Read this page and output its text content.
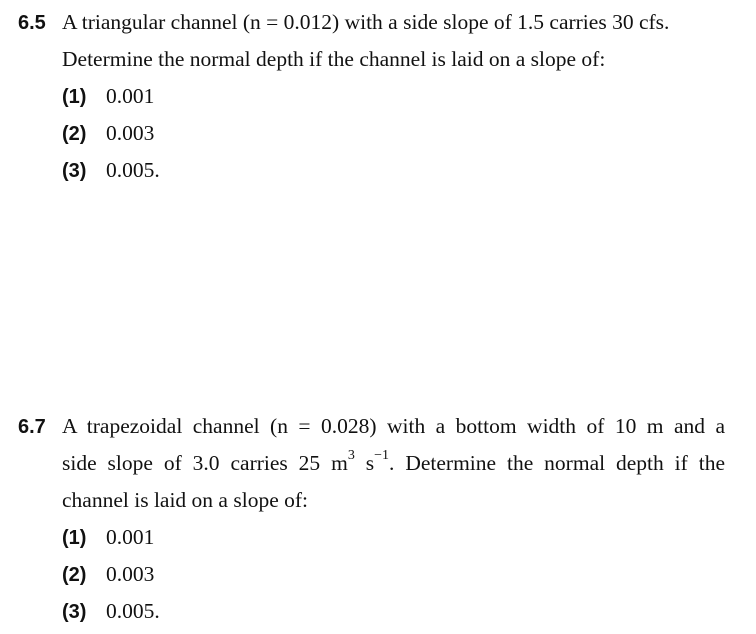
6.5 A triangular channel (n = 0.012) with a side slope of 1.5 carries 30 cfs.
Determine the normal depth if the channel is laid on a slope of:
(1) 0.001
(2) 0.003
(3) 0.005.
6.7 A trapezoidal channel (n = 0.028) with a bottom width of 10 m and a
side slope of 3.0 carries 25 $m^3$ $s^{-1}$. Determine the normal depth if the
channel is laid on a slope of:
(1) 0.001
(2) 0.003
(3) 0.005.
